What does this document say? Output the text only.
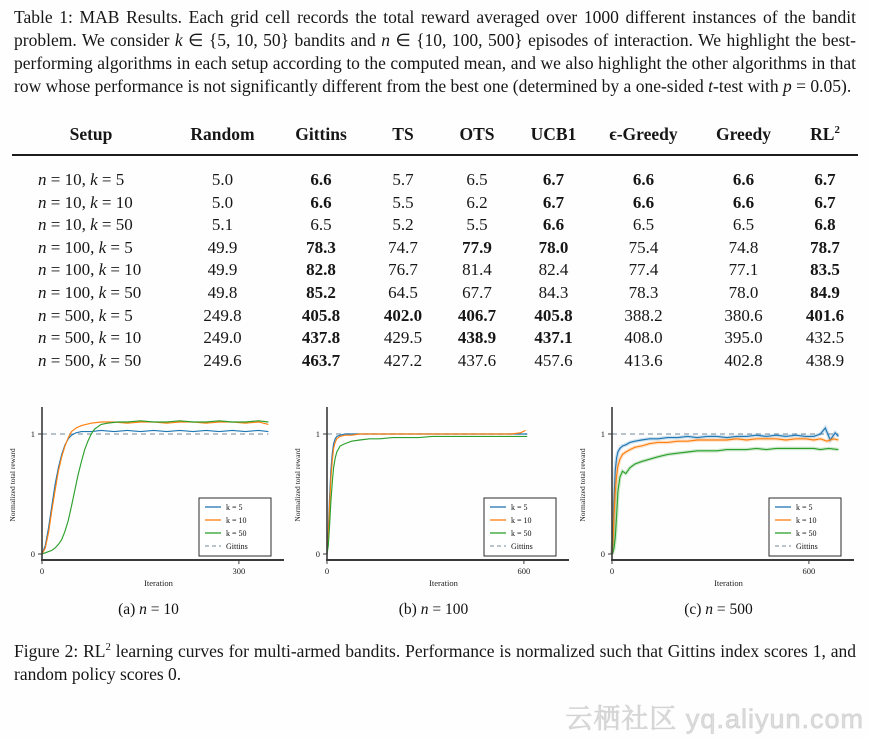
Table 1: MAB Results. Each grid cell records the total reward averaged over 1000 different instances of the bandit problem. We consider k ∈ {5, 10, 50} bandits and n ∈ {10, 100, 500} episodes of interaction. We highlight the best-performing algorithms in each setup according to the computed mean, and we also highlight the other algorithms in that row whose performance is not significantly different from the best one (determined by a one-sided t-test with p = 0.05).

Setup	Random	Gittins	TS	OTS	UCB1	ϵ-Greedy	Greedy	$RL^2$
n = 10, k = 5	5.0	6.6	5.7	6.5	6.7	6.6	6.6	6.7
n = 10, k = 10	5.0	6.6	5.5	6.2	6.7	6.6	6.6	6.7
n = 10, k = 50	5.1	6.5	5.2	5.5	6.6	6.5	6.5	6.8
n = 100, k = 5	49.9	78.3	74.7	77.9	78.0	75.4	74.8	78.7
n = 100, k = 10	49.9	82.8	76.7	81.4	82.4	77.4	77.1	83.5
n = 100, k = 50	49.8	85.2	64.5	67.7	84.3	78.3	78.0	84.9
n = 500, k = 5	249.8	405.8	402.0	406.7	405.8	388.2	380.6	401.6
n = 500, k = 10	249.0	437.8	429.5	438.9	437.1	408.0	395.0	432.5
n = 500, k = 50	249.6	463.7	427.2	437.6	457.6	413.6	402.8	438.9
0	300
0
1
Normalized total reward
Iteration
k = 5
k = 10
k = 50
Gittins
(a) n = 10
0	600
0
1
Normalized total reward
Iteration
k = 5
k = 10
k = 50
Gittins
(b) n = 100
0	600
0
1
Normalized total reward
Iteration
k = 5
k = 10
k = 50
Gittins
(c) n = 500

Figure 2: $RL^2$ learning curves for multi-armed bandits. Performance is normalized such that Gittins index scores 1, and random policy scores 0.

云栖社区 yq.aliyun.com
